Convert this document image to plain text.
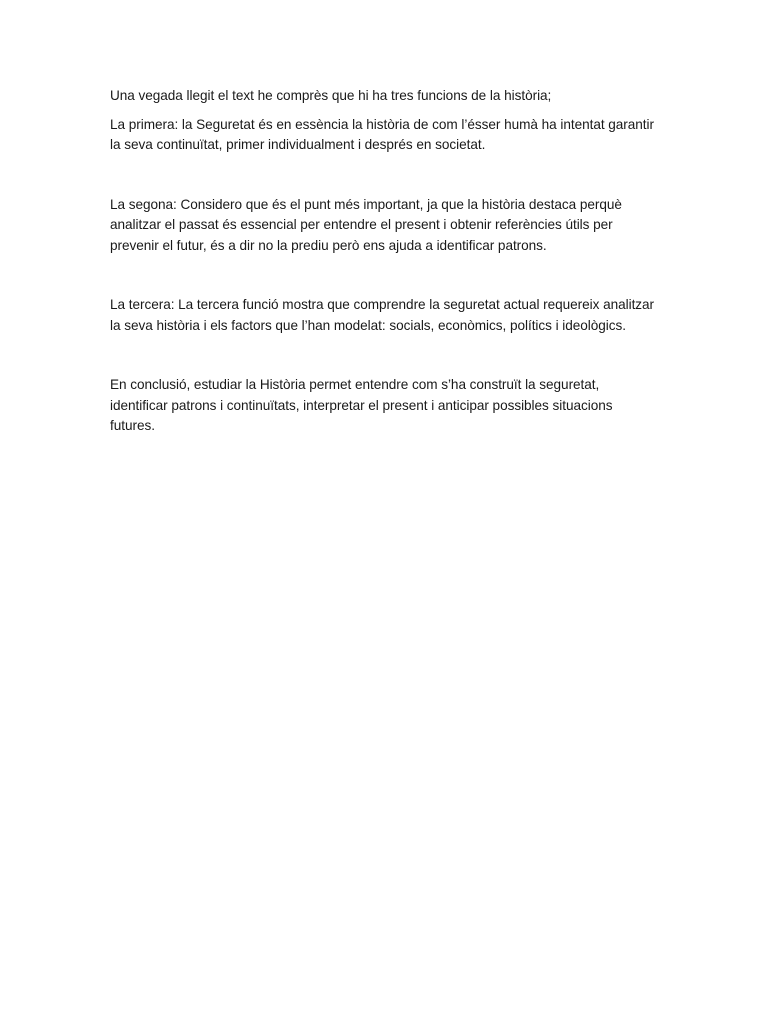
Una vegada llegit el text he comprès que hi ha tres funcions de la història;

La primera: la Seguretat és en essència la història de com l’ésser humà ha intentat garantir la seva continuïtat, primer individualment i després en societat.

La segona: Considero que és el punt més important, ja que la història destaca perquè analitzar el passat és essencial per entendre el present i obtenir referències útils per prevenir el futur, és a dir no la prediu però ens ajuda a identificar patrons.

La tercera: La tercera funció mostra que comprendre la seguretat actual requereix analitzar la seva història i els factors que l’han modelat: socials, econòmics, polítics i ideològics.

En conclusió, estudiar la Història permet entendre com s’ha construït la seguretat, identificar patrons i continuïtats, interpretar el present i anticipar possibles situacions futures.
